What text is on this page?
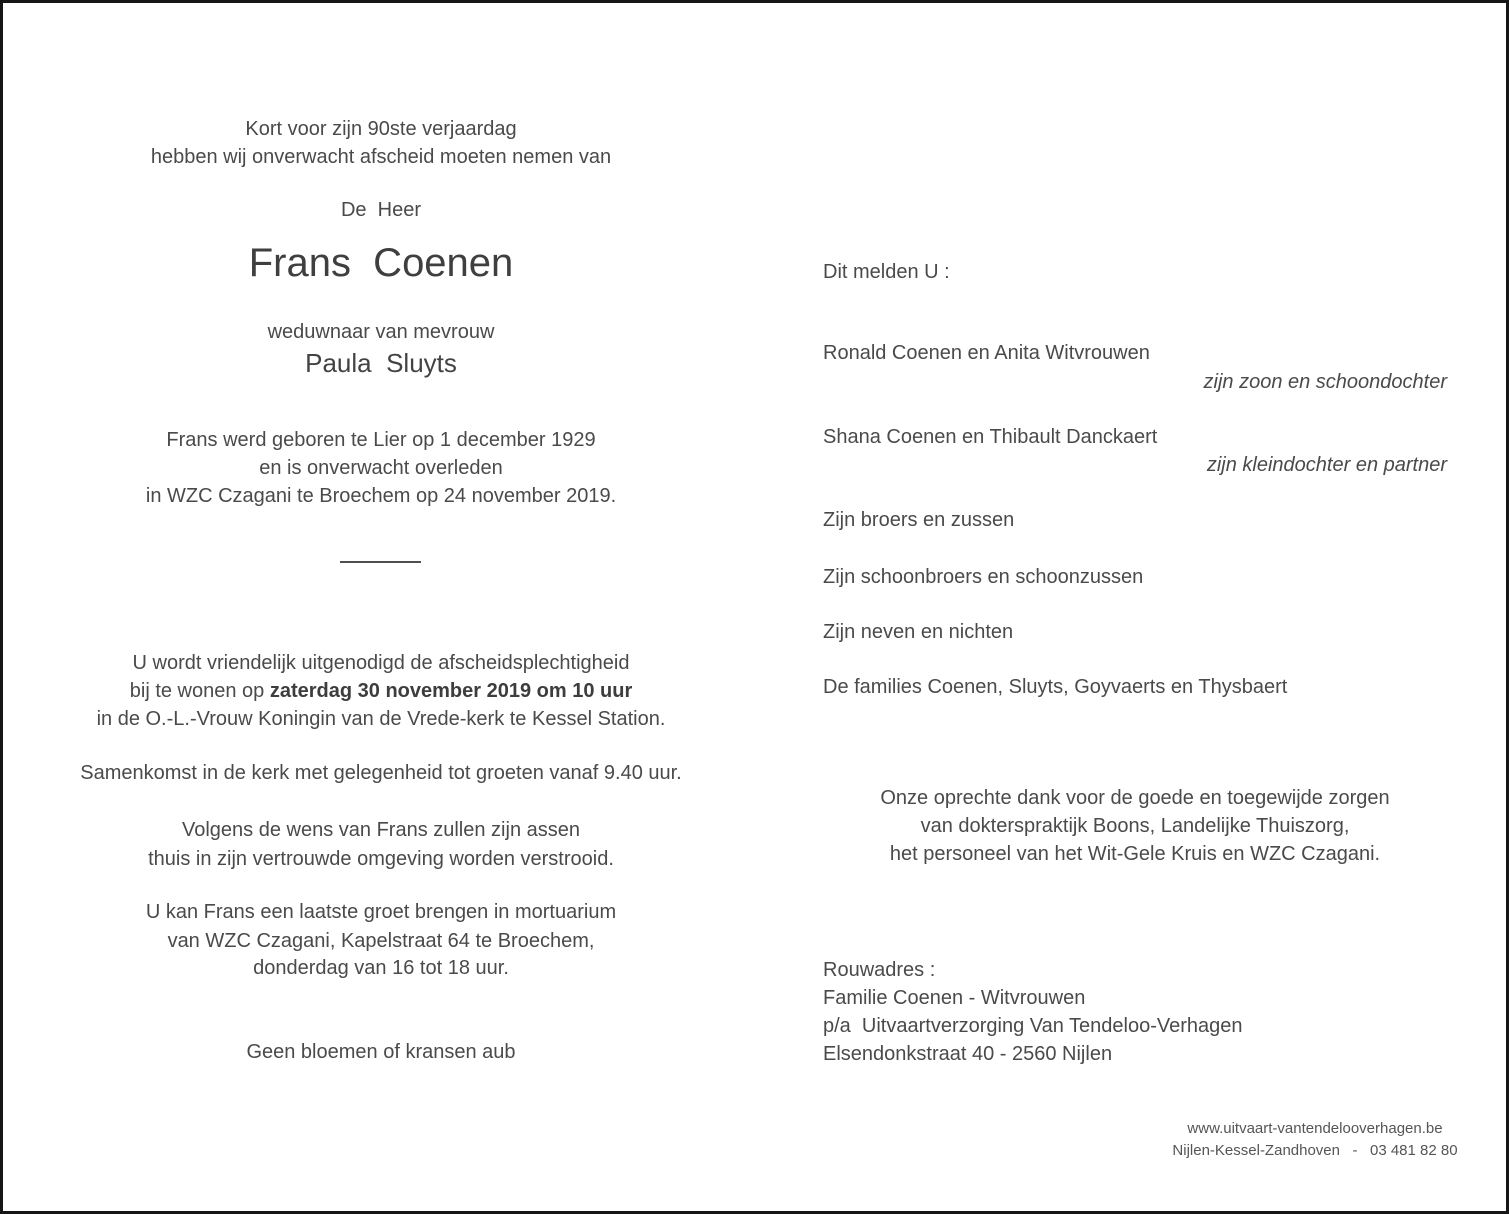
Kort voor zijn 90ste verjaardag
hebben wij onverwacht afscheid moeten nemen van
De  Heer
Frans  Coenen
weduwnaar van mevrouw
Paula  Sluyts
Frans werd geboren te Lier op 1 december 1929
en is onverwacht overleden
in WZC Czagani te Broechem op 24 november 2019.
U wordt vriendelijk uitgenodigd de afscheidsplechtigheid
bij te wonen op zaterdag 30 november 2019 om 10 uur
in de O.-L.-Vrouw Koningin van de Vrede-kerk te Kessel Station.
Samenkomst in de kerk met gelegenheid tot groeten vanaf 9.40 uur.
Volgens de wens van Frans zullen zijn assen
thuis in zijn vertrouwde omgeving worden verstrooid.
U kan Frans een laatste groet brengen in mortuarium
van WZC Czagani, Kapelstraat 64 te Broechem,
donderdag van 16 tot 18 uur.
Geen bloemen of kransen aub
Dit melden U :
Ronald Coenen en Anita Witvrouwen
zijn zoon en schoondochter
Shana Coenen en Thibault Danckaert
zijn kleindochter en partner
Zijn broers en zussen
Zijn schoonbroers en schoonzussen
Zijn neven en nichten
De families Coenen, Sluyts, Goyvaerts en Thysbaert
Onze oprechte dank voor de goede en toegewijde zorgen
van dokterspraktijk Boons, Landelijke Thuiszorg,
het personeel van het Wit-Gele Kruis en WZC Czagani.
Rouwadres :
Familie Coenen - Witvrouwen
p/a  Uitvaartverzorging Van Tendeloo-Verhagen
Elsendonkstraat 40 - 2560 Nijlen
www.uitvaart-vantendelooverhagen.be
Nijlen-Kessel-Zandhoven   -   03 481 82 80
